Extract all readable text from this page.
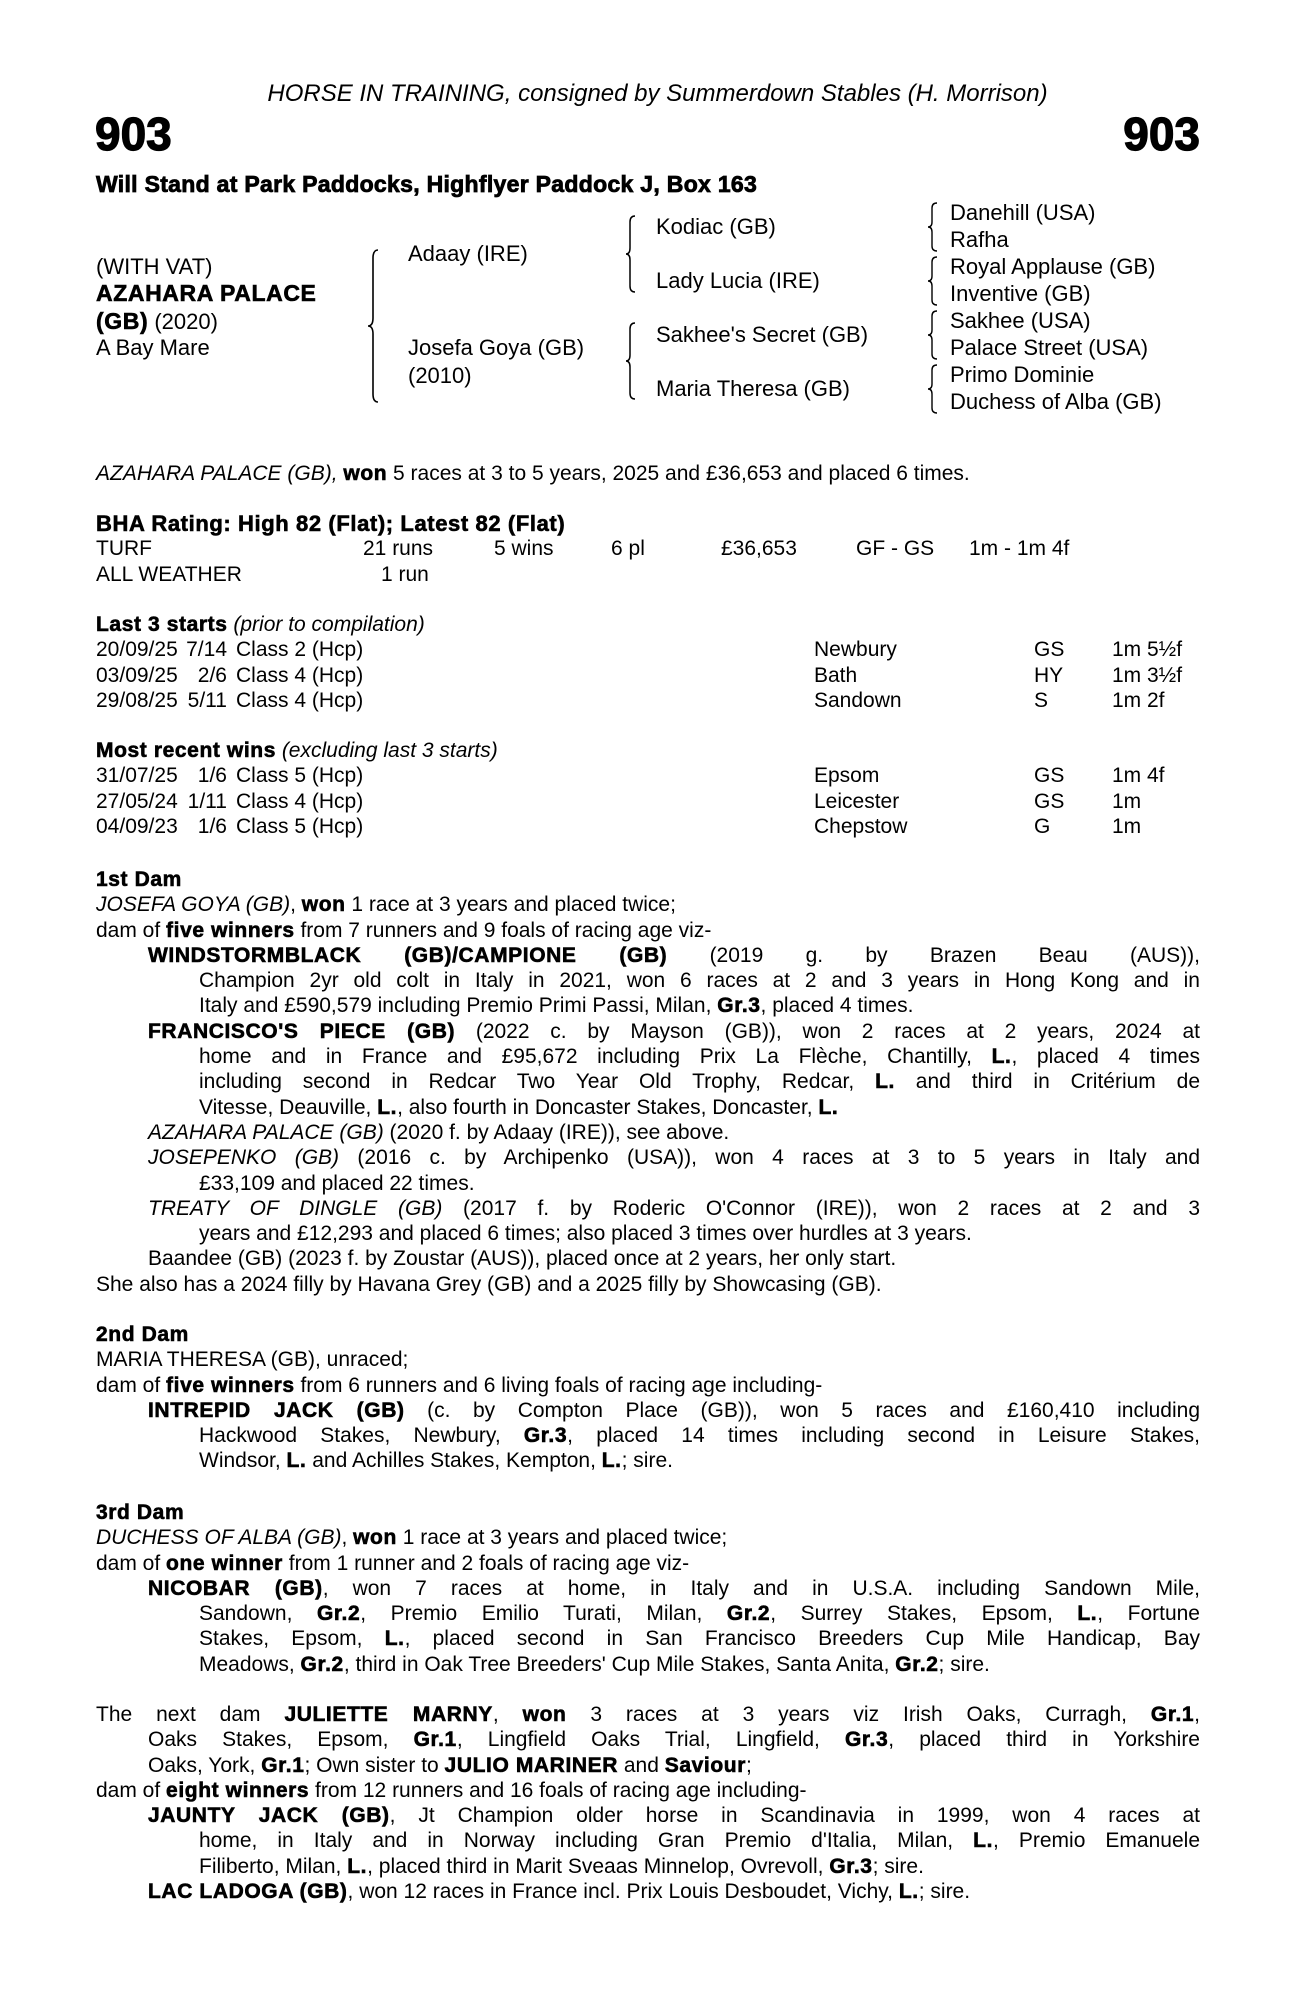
HORSE IN TRAINING, consigned by Summerdown Stables (H. Morrison)
903	903
Will Stand at Park Paddocks, Highflyer Paddock J, Box 163
(WITH VAT)
AZAHARA PALACE
(GB) (2020)
A Bay Mare
Adaay (IRE)
Josefa Goya (GB)
(2010)
Kodiac (GB)
Lady Lucia (IRE)
Sakhee's Secret (GB)
Maria Theresa (GB)
Danehill (USA)
Rafha
Royal Applause (GB)
Inventive (GB)
Sakhee (USA)
Palace Street (USA)
Primo Dominie
Duchess of Alba (GB)
AZAHARA PALACE (GB), won 5 races at 3 to 5 years, 2025 and £36,653 and placed 6 times.
BHA Rating: High 82 (Flat); Latest 82 (Flat)
TURF	21 runs	5 wins	6 pl	£36,653	GF - GS 1m - 1m 4f
ALL WEATHER	1 run
Last 3 starts (prior to compilation)
20/09/25 7/14 Class 2 (Hcp)	Newbury	GS 1m 5½f
03/09/25 2/6 Class 4 (Hcp)	Bath	HY 1m 3½f
29/08/25 5/11 Class 4 (Hcp)	Sandown	S	1m 2f
Most recent wins (excluding last 3 starts)
31/07/25 1/6 Class 5 (Hcp)	Epsom	GS 1m 4f
27/05/24 1/11 Class 4 (Hcp)	Leicester	GS 1m
04/09/23 1/6 Class 5 (Hcp)	Chepstow	G	1m
1st Dam
JOSEFA GOYA (GB), won 1 race at 3 years and placed twice;
dam of five winners from 7 runners and 9 foals of racing age viz-
WINDSTORMBLACK (GB)/CAMPIONE (GB) (2019 g. by Brazen Beau (AUS)),
Champion 2yr old colt in Italy in 2021, won 6 races at 2 and 3 years in Hong Kong and in
Italy and £590,579 including Premio Primi Passi, Milan, Gr.3, placed 4 times.
FRANCISCO'S PIECE (GB) (2022 c. by Mayson (GB)), won 2 races at 2 years, 2024 at
home and in France and £95,672 including Prix La Flèche, Chantilly, L., placed 4 times
including second in Redcar Two Year Old Trophy, Redcar, L. and third in Critérium de
Vitesse, Deauville, L., also fourth in Doncaster Stakes, Doncaster, L.
AZAHARA PALACE (GB) (2020 f. by Adaay (IRE)), see above.
JOSEPENKO (GB) (2016 c. by Archipenko (USA)), won 4 races at 3 to 5 years in Italy and
£33,109 and placed 22 times.
TREATY OF DINGLE (GB) (2017 f. by Roderic O'Connor (IRE)), won 2 races at 2 and 3
years and £12,293 and placed 6 times; also placed 3 times over hurdles at 3 years.
Baandee (GB) (2023 f. by Zoustar (AUS)), placed once at 2 years, her only start.
She also has a 2024 filly by Havana Grey (GB) and a 2025 filly by Showcasing (GB).
2nd Dam
MARIA THERESA (GB), unraced;
dam of five winners from 6 runners and 6 living foals of racing age including-
INTREPID JACK (GB) (c. by Compton Place (GB)), won 5 races and £160,410 including
Hackwood Stakes, Newbury, Gr.3, placed 14 times including second in Leisure Stakes,
Windsor, L. and Achilles Stakes, Kempton, L.; sire.
3rd Dam
DUCHESS OF ALBA (GB), won 1 race at 3 years and placed twice;
dam of one winner from 1 runner and 2 foals of racing age viz-
NICOBAR (GB), won 7 races at home, in Italy and in U.S.A. including Sandown Mile,
Sandown, Gr.2, Premio Emilio Turati, Milan, Gr.2, Surrey Stakes, Epsom, L., Fortune
Stakes, Epsom, L., placed second in San Francisco Breeders Cup Mile Handicap, Bay
Meadows, Gr.2, third in Oak Tree Breeders' Cup Mile Stakes, Santa Anita, Gr.2; sire.
The next dam JULIETTE MARNY, won 3 races at 3 years viz Irish Oaks, Curragh, Gr.1,
Oaks Stakes, Epsom, Gr.1, Lingfield Oaks Trial, Lingfield, Gr.3, placed third in Yorkshire
Oaks, York, Gr.1; Own sister to JULIO MARINER and Saviour;
dam of eight winners from 12 runners and 16 foals of racing age including-
JAUNTY JACK (GB), Jt Champion older horse in Scandinavia in 1999, won 4 races at
home, in Italy and in Norway including Gran Premio d'Italia, Milan, L., Premio Emanuele
Filiberto, Milan, L., placed third in Marit Sveaas Minnelop, Ovrevoll, Gr.3; sire.
LAC LADOGA (GB), won 12 races in France incl. Prix Louis Desboudet, Vichy, L.; sire.
